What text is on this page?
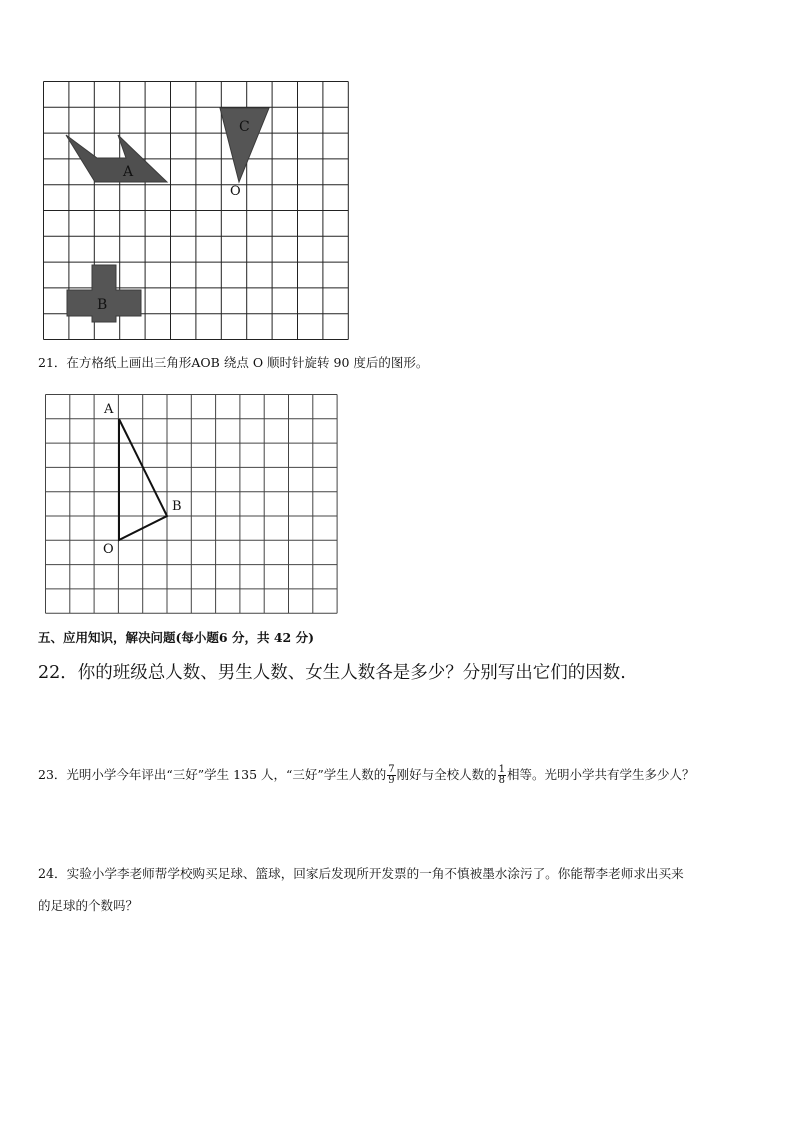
A
C
B
O
21．在方格纸上画出三角形AOB 绕点 O 顺时针旋转 90 度后的图形。
A
B
O
五、应用知识，解决问题(每小题6 分，共 42 分)
22．你的班级总人数、男生人数、女生人数各是多少？分别写出它们的因数.
23．光明小学今年评出“三好”学生 135 人，“三好”学生人数的 $\frac{7}{9}$ 刚好与全校人数的 $\frac{1}{8}$ 相等。光明小学共有学生多少人？
24．实验小学李老师帮学校购买足球、篮球，回家后发现所开发票的一角不慎被墨水涂污了。你能帮李老师求出买来
的足球的个数吗？
